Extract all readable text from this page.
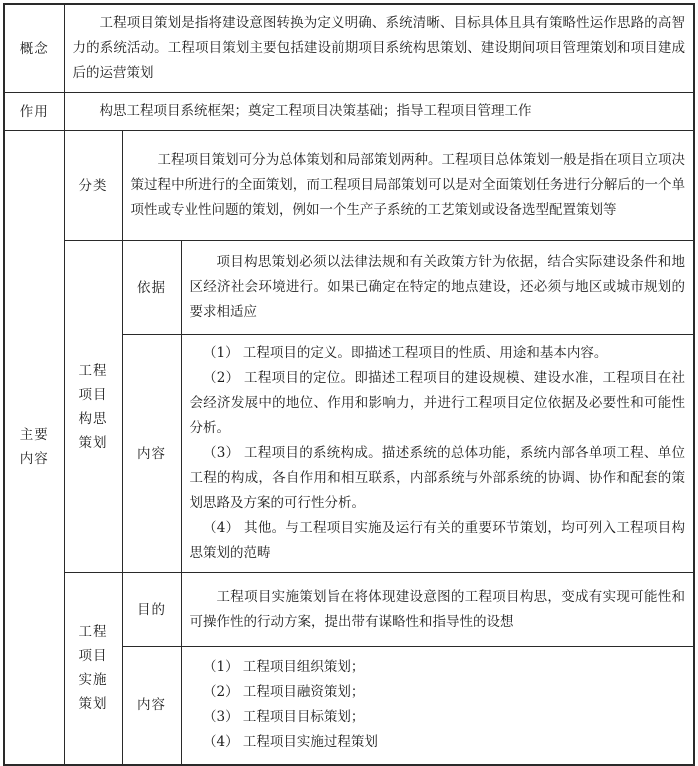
概念	工程项目策划是指将建设意图转换为定义明确、系统清晰、目标具体且具有策略性运作思路的高智力的系统活动。工程项目策划主要包括建设前期项目系统构思策划、建设期间项目管理策划和项目建成后的运营策划		
作用	构思工程项目系统框架；奠定工程项目决策基础；指导工程项目管理工作		

主要
内容	分类	工程项目策划可分为总体策划和局部策划两种。工程项目总体策划一般是指在项目立项决策过程中所进行的全面策划，而工程项目局部策划可以是对全面策划任务进行分解后的一个单项性或专业性问题的策划，例如一个生产子系统的工艺策划或设备选型配置策划等	

	工程
项目
构思
策划	依据	项目构思策划必须以法律法规和有关政策方针为依据，结合实际建设条件和地区经济社会环境进行。如果已确定在特定的地点建设，还必须与地区或城市规划的要求相适应
		内容	（1） 工程项目的定义。即描述工程项目的性质、用途和基本内容。
（2） 工程项目的定位。即描述工程项目的建设规模、建设水准，工程项目在社会经济发展中的地位、作用和影响力，并进行工程项目定位依据及必要性和可能性分析。
（3） 工程项目的系统构成。描述系统的总体功能，系统内部各单项工程、单位工程的构成，各自作用和相互联系，内部系统与外部系统的协调、协作和配套的策划思路及方案的可行性分析。
（4） 其他。与工程项目实施及运行有关的重要环节策划，均可列入工程项目构思策划的范畴

	工程
项目
实施
策划	目的	工程项目实施策划旨在将体现建设意图的工程项目构思，变成有实现可能性和可操作性的行动方案，提出带有谋略性和指导性的设想
		内容	（1） 工程项目组织策划；
（2） 工程项目融资策划；
（3） 工程项目目标策划；
（4） 工程项目实施过程策划
